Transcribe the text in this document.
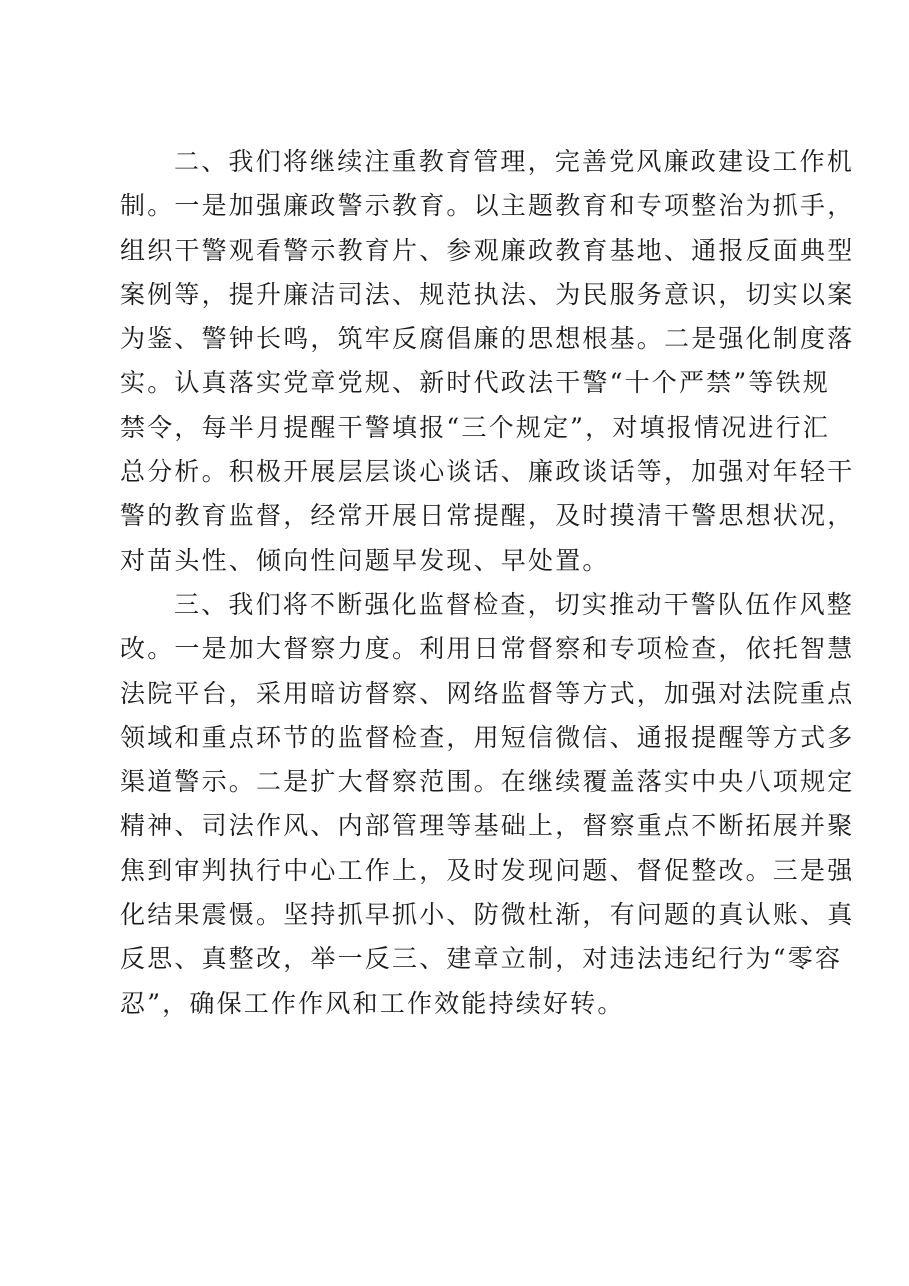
二、我们将继续注重教育管理，完善党风廉政建设工作机
制。一是加强廉政警示教育。以主题教育和专项整治为抓手，
组织干警观看警示教育片、参观廉政教育基地、通报反面典型
案例等，提升廉洁司法、规范执法、为民服务意识，切实以案
为鉴、警钟长鸣，筑牢反腐倡廉的思想根基。二是强化制度落
实。认真落实党章党规、新时代政法干警“十个严禁”等铁规
禁令，每半月提醒干警填报“三个规定”，对填报情况进行汇
总分析。积极开展层层谈心谈话、廉政谈话等，加强对年轻干
警的教育监督，经常开展日常提醒，及时摸清干警思想状况，
对苗头性、倾向性问题早发现、早处置。
三、我们将不断强化监督检查，切实推动干警队伍作风整
改。一是加大督察力度。利用日常督察和专项检查，依托智慧
法院平台，采用暗访督察、网络监督等方式，加强对法院重点
领域和重点环节的监督检查，用短信微信、通报提醒等方式多
渠道警示。二是扩大督察范围。在继续覆盖落实中央八项规定
精神、司法作风、内部管理等基础上，督察重点不断拓展并聚
焦到审判执行中心工作上，及时发现问题、督促整改。三是强
化结果震慑。坚持抓早抓小、防微杜渐，有问题的真认账、真
反思、真整改，举一反三、建章立制，对违法违纪行为“零容
忍”，确保工作作风和工作效能持续好转。
